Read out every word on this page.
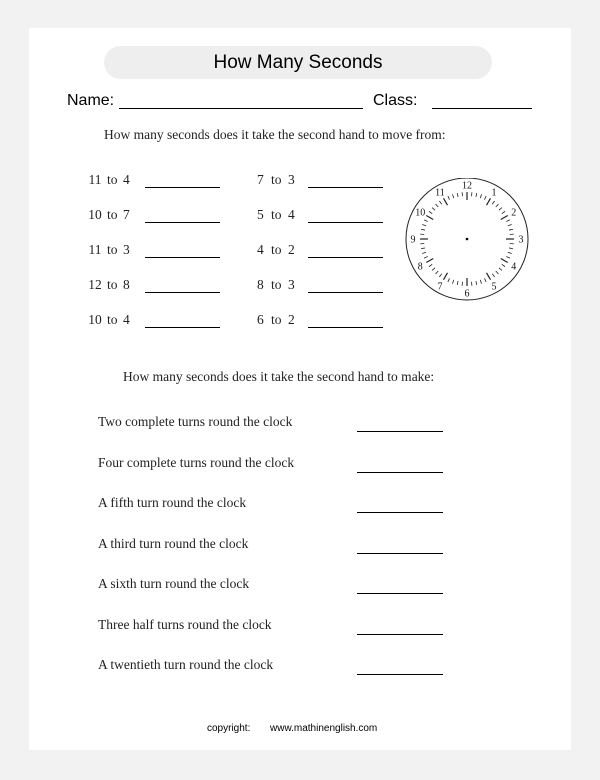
How Many Seconds
Name:	Class:
How many seconds does it take the second hand to move from:
11 to 4
10 to 7
11 to 3
12 to 8
10 to 4
7 to 3
5 to 4
4 to 2
8 to 3
6 to 2
12
1
2
3
4
5
6
7
8
9
10
11
How many seconds does it take the second hand to make:
Two complete turns round the clock
Four complete turns round the clock
A fifth turn round the clock
A third turn round the clock
A sixth turn round the clock
Three half turns round the clock
A twentieth turn round the clock
copyright: www.mathinenglish.com
